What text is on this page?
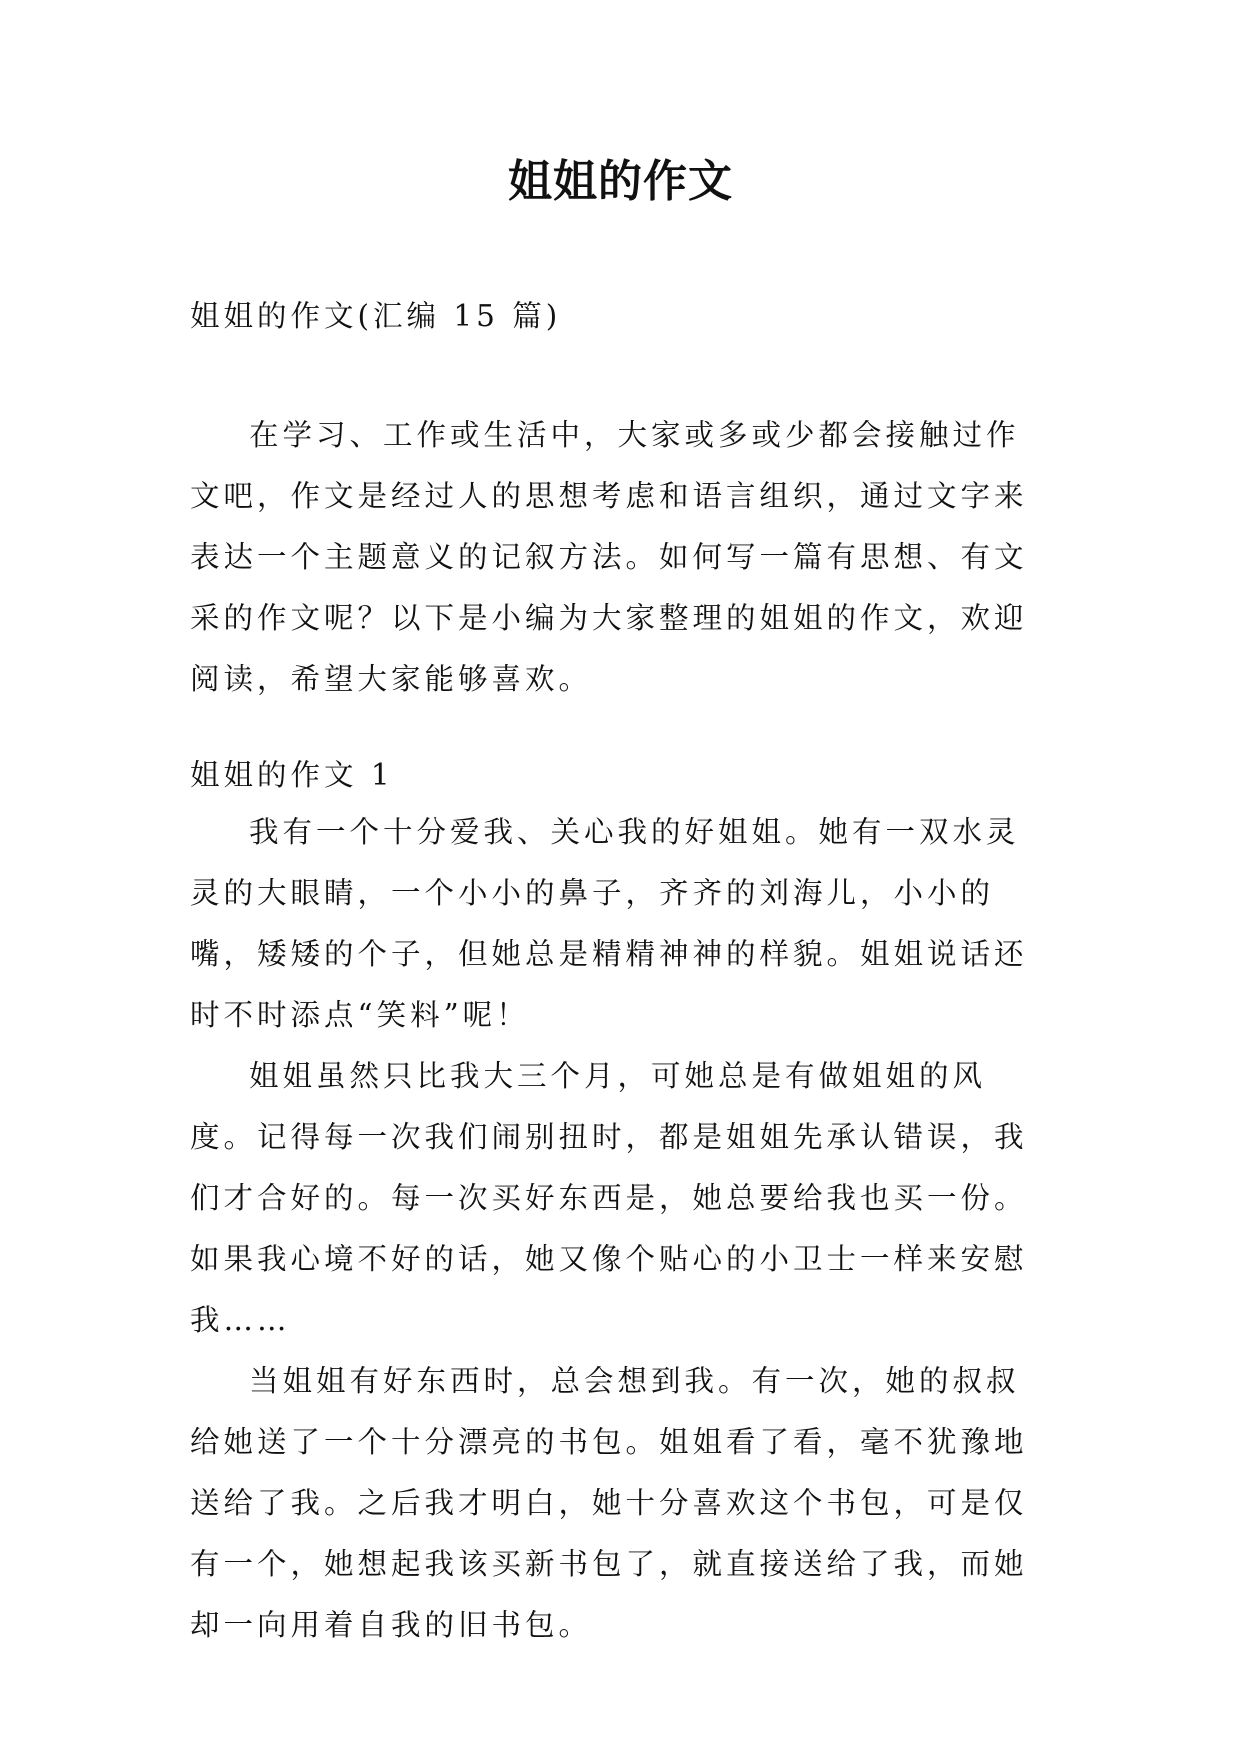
姐姐的作文
姐姐的作文(汇编 15 篇)
在学习、工作或生活中，大家或多或少都会接触过作文吧，作文是经过人的思想考虑和语言组织，通过文字来表达一个主题意义的记叙方法。如何写一篇有思想、有文采的作文呢？以下是小编为大家整理的姐姐的作文，欢迎阅读，希望大家能够喜欢。
姐姐的作文 1

我有一个十分爱我、关心我的好姐姐。她有一双水灵灵的大眼睛，一个小小的鼻子，齐齐的刘海儿，小小的嘴，矮矮的个子，但她总是精精神神的样貌。姐姐说话还时不时添点“笑料”呢！

姐姐虽然只比我大三个月，可她总是有做姐姐的风度。记得每一次我们闹别扭时，都是姐姐先承认错误，我们才合好的。每一次买好东西是，她总要给我也买一份。如果我心境不好的话，她又像个贴心的小卫士一样来安慰我……

当姐姐有好东西时，总会想到我。有一次，她的叔叔给她送了一个十分漂亮的书包。姐姐看了看，毫不犹豫地送给了我。之后我才明白，她十分喜欢这个书包，可是仅有一个，她想起我该买新书包了，就直接送给了我，而她却一向用着自我的旧书包。
